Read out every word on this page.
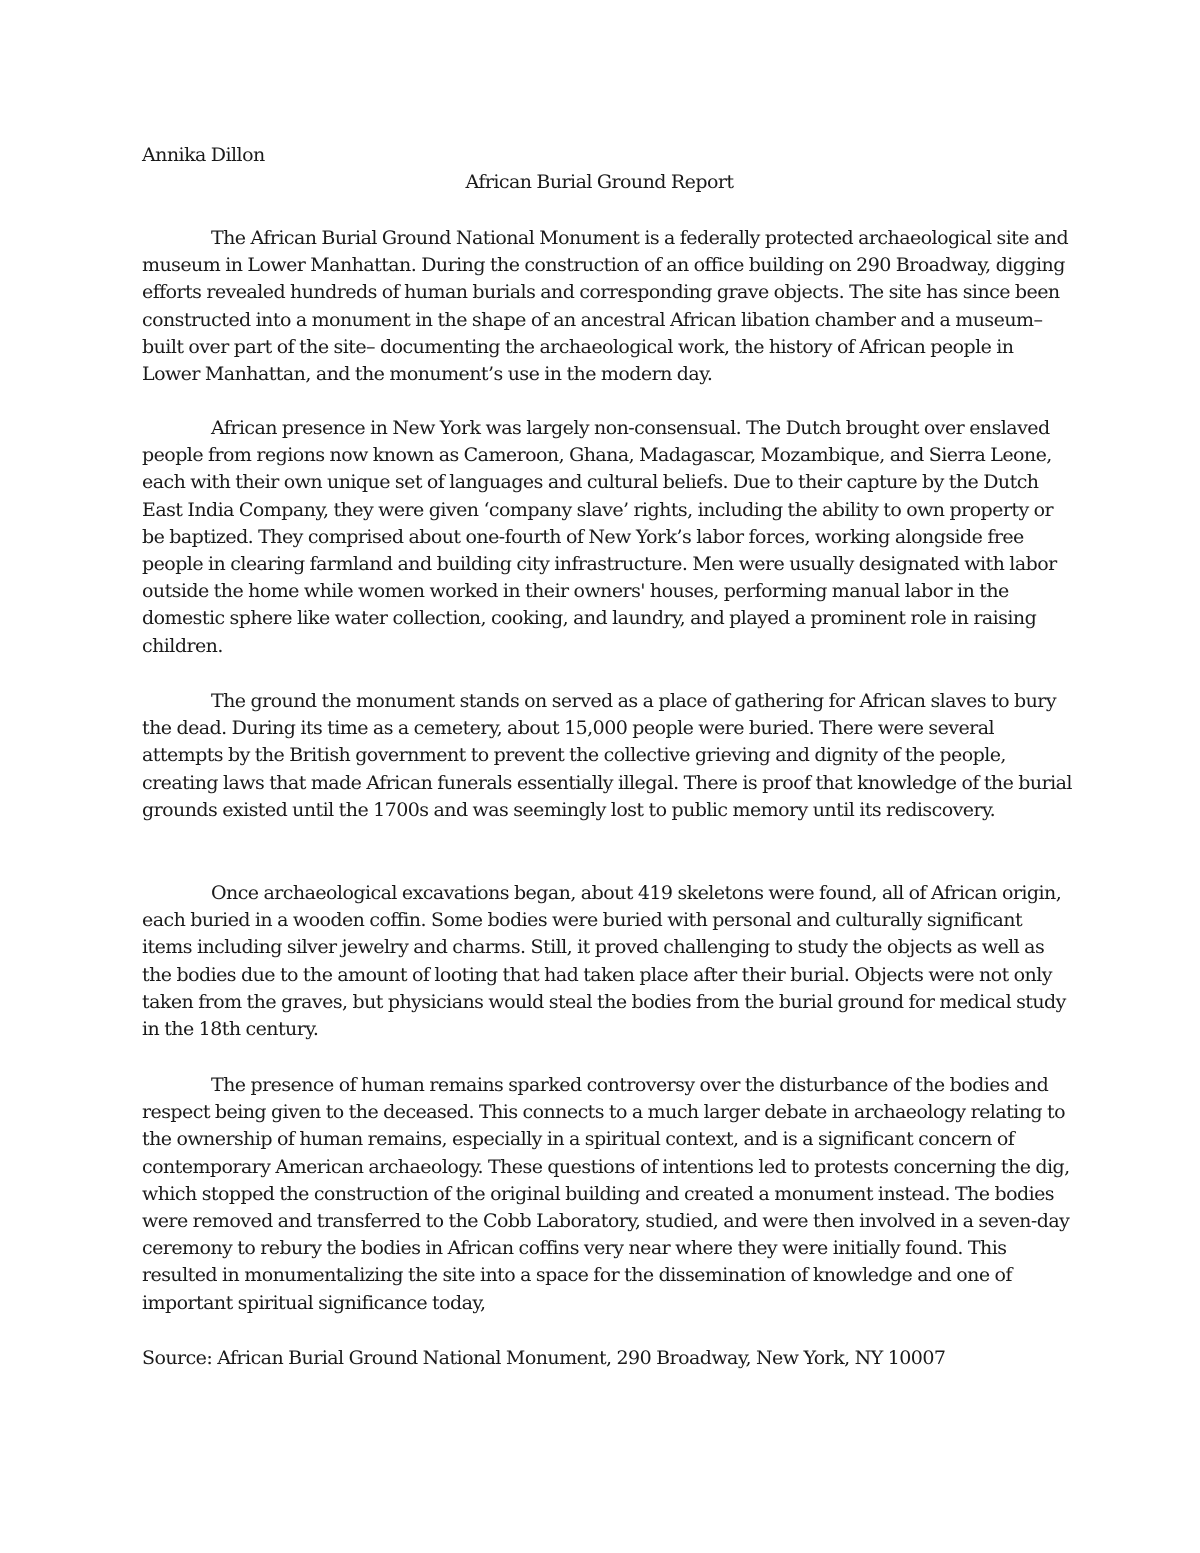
Annika Dillon
African Burial Ground Report

The African Burial Ground National Monument is a federally protected archaeological site and museum in Lower Manhattan. During the construction of an office building on 290 Broadway, digging efforts revealed hundreds of human burials and corresponding grave objects. The site has since been constructed into a monument in the shape of an ancestral African libation chamber and a museum–built over part of the site– documenting the archaeological work, the history of African people in Lower Manhattan, and the monument’s use in the modern day.

African presence in New York was largely non-consensual. The Dutch brought over enslaved people from regions now known as Cameroon, Ghana, Madagascar, Mozambique, and Sierra Leone, each with their own unique set of languages and cultural beliefs. Due to their capture by the Dutch East India Company, they were given ‘company slave’ rights, including the ability to own property or be baptized. They comprised about one-fourth of New York’s labor forces, working alongside free people in clearing farmland and building city infrastructure. Men were usually designated with labor outside the home while women worked in their owners' houses, performing manual labor in the domestic sphere like water collection, cooking, and laundry, and played a prominent role in raising children.

The ground the monument stands on served as a place of gathering for African slaves to bury the dead. During its time as a cemetery, about 15,000 people were buried. There were several attempts by the British government to prevent the collective grieving and dignity of the people, creating laws that made African funerals essentially illegal. There is proof that knowledge of the burial grounds existed until the 1700s and was seemingly lost to public memory until its rediscovery.

Once archaeological excavations began, about 419 skeletons were found, all of African origin, each buried in a wooden coffin. Some bodies were buried with personal and culturally significant items including silver jewelry and charms. Still, it proved challenging to study the objects as well as the bodies due to the amount of looting that had taken place after their burial. Objects were not only taken from the graves, but physicians would steal the bodies from the burial ground for medical study in the 18th century.

The presence of human remains sparked controversy over the disturbance of the bodies and respect being given to the deceased. This connects to a much larger debate in archaeology relating to the ownership of human remains, especially in a spiritual context, and is a significant concern of contemporary American archaeology. These questions of intentions led to protests concerning the dig, which stopped the construction of the original building and created a monument instead. The bodies were removed and transferred to the Cobb Laboratory, studied, and were then involved in a seven-day ceremony to rebury the bodies in African coffins very near where they were initially found. This resulted in monumentalizing the site into a space for the dissemination of knowledge and one of important spiritual significance today,

Source: African Burial Ground National Monument, 290 Broadway, New York, NY 10007
